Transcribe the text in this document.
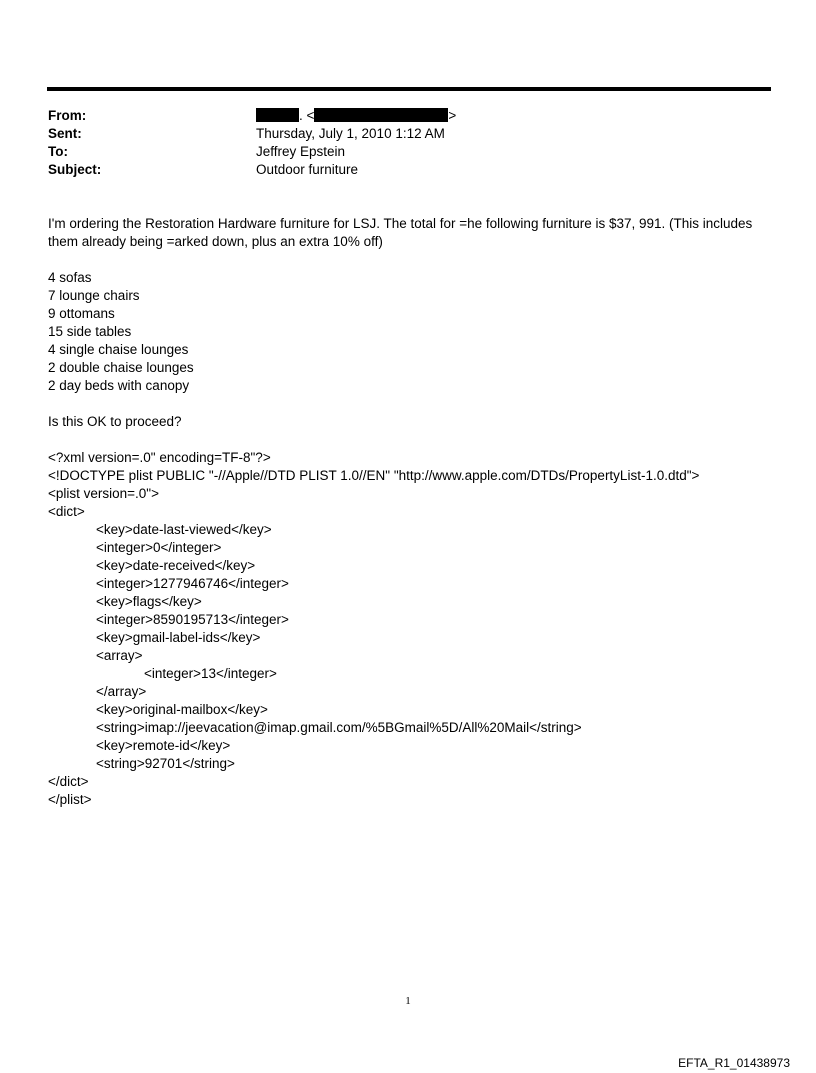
From:	. <	>
Sent:	Thursday, July 1, 2010 1:12 AM
To:	Jeffrey Epstein
Subject:	Outdoor furniture

I'm ordering the Restoration Hardware furniture for LSJ. The total for =he following furniture is $37, 991. (This includes them already being =arked down, plus an extra 10% off)

4 sofas
7 lounge chairs
9 ottomans
15 side tables
4 single chaise lounges
2 double chaise lounges
2 day beds with canopy
Is this OK to proceed?
<?xml version=.0" encoding=TF-8"?>
<!DOCTYPE plist PUBLIC "-//Apple//DTD PLIST 1.0//EN" "http://www.apple.com/DTDs/PropertyList-1.0.dtd">
<plist version=.0">
<dict>
<key>date-last-viewed</key>
<integer>0</integer>
<key>date-received</key>
<integer>1277946746</integer>
<key>flags</key>
<integer>8590195713</integer>
<key>gmail-label-ids</key>
<array>
<integer>13</integer>
</array>
<key>original-mailbox</key>
<string>imap://jeevacation@imap.gmail.com/%5BGmail%5D/All%20Mail</string>
<key>remote-id</key>
<string>92701</string>
</dict>
</plist>
1
EFTA_R1_01438973
